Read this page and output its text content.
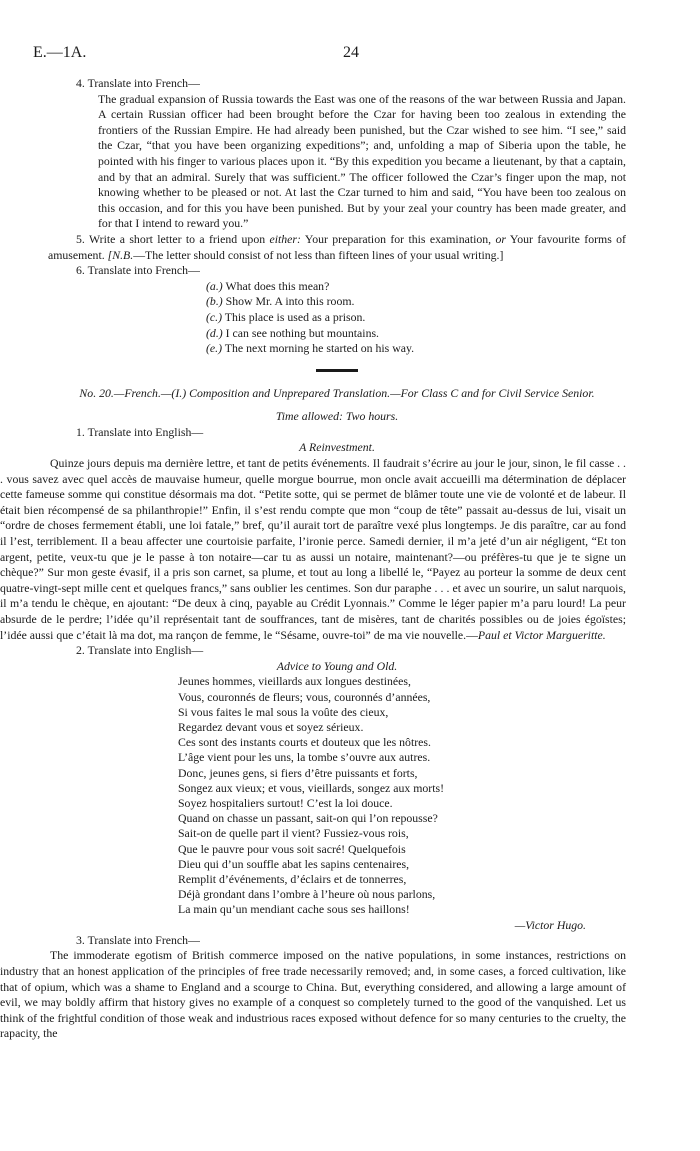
E.—1A.	24

4. Translate into French—

The gradual expansion of Russia towards the East was one of the reasons of the war between Russia and Japan. A certain Russian officer had been brought before the Czar for having been too zealous in extending the frontiers of the Russian Empire. He had already been punished, but the Czar wished to see him. “I see,” said the Czar, “that you have been organizing expeditions”; and, unfolding a map of Siberia upon the table, he pointed with his finger to various places upon it. “By this expedition you became a lieutenant, by that a captain, and by that an admiral. Surely that was sufficient.” The officer followed the Czar’s finger upon the map, not knowing whether to be pleased or not. At last the Czar turned to him and said, “You have been too zealous on this occasion, and for this you have been punished. But by your zeal your country has been made greater, and for that I intend to reward you.”

5. Write a short letter to a friend upon either: Your preparation for this examination, or Your favourite forms of amusement. [N.B.—The letter should consist of not less than fifteen lines of your usual writing.]

6. Translate into French—

(a.) What does this mean?
(b.) Show Mr. A into this room.
(c.) This place is used as a prison.
(d.) I can see nothing but mountains.
(e.) The next morning he started on his way.

No. 20.—French.—(I.) Composition and Unprepared Translation.—For Class C and for Civil Service Senior.

Time allowed: Two hours.

1. Translate into English—

A Reinvestment.

Quinze jours depuis ma dernière lettre, et tant de petits événements. Il faudrait s’écrire au jour le jour, sinon, le fil casse . . . vous savez avec quel accès de mauvaise humeur, quelle morgue bourrue, mon oncle avait accueilli ma détermination de déplacer cette fameuse somme qui constitue désormais ma dot. “Petite sotte, qui se permet de blâmer toute une vie de volonté et de labeur. Il était bien récompensé de sa philanthropie!” Enfin, il s’est rendu compte que mon “coup de tête” passait au-dessus de lui, visait un “ordre de choses fermement établi, une loi fatale,” bref, qu’il aurait tort de paraître vexé plus longtemps. Je dis paraître, car au fond il l’est, terriblement. Il a beau affecter une courtoisie parfaite, l’ironie perce. Samedi dernier, il m’a jeté d’un air négligent, “Et ton argent, petite, veux-tu que je le passe à ton notaire—car tu as aussi un notaire, maintenant?—ou préfères-tu que je te signe un chèque?” Sur mon geste évasif, il a pris son carnet, sa plume, et tout au long a libellé le, “Payez au porteur la somme de deux cent quatre-vingt-sept mille cent et quelques francs,” sans oublier les centimes. Son dur paraphe . . . et avec un sourire, un salut narquois, il m’a tendu le chèque, en ajoutant: “De deux à cinq, payable au Crédit Lyonnais.” Comme le léger papier m’a paru lourd! La peur absurde de le perdre; l’idée qu’il représentait tant de souffrances, tant de misères, tant de charités possibles ou de joies égoïstes; l’idée aussi que c’était là ma dot, ma rançon de femme, le “Sésame, ouvre-toi” de ma vie nouvelle.—Paul et Victor Margueritte.

2. Translate into English—

Advice to Young and Old.

Jeunes hommes, vieillards aux longues destinées,
Vous, couronnés de fleurs; vous, couronnés d’années,
Si vous faites le mal sous la voûte des cieux,
Regardez devant vous et soyez sérieux.
Ces sont des instants courts et douteux que les nôtres.
L’âge vient pour les uns, la tombe s’ouvre aux autres.
Donc, jeunes gens, si fiers d’être puissants et forts,
Songez aux vieux; et vous, vieillards, songez aux morts!
Soyez hospitaliers surtout! C’est la loi douce.
Quand on chasse un passant, sait-on qui l’on repousse?
Sait-on de quelle part il vient? Fussiez-vous rois,
Que le pauvre pour vous soit sacré! Quelquefois
Dieu qui d’un souffle abat les sapins centenaires,
Remplit d’événements, d’éclairs et de tonnerres,
Déjà grondant dans l’ombre à l’heure où nous parlons,
La main qu’un mendiant cache sous ses haillons!
—Victor Hugo.

3. Translate into French—

The immoderate egotism of British commerce imposed on the native populations, in some instances, restrictions on industry that an honest application of the principles of free trade necessarily removed; and, in some cases, a forced cultivation, like that of opium, which was a shame to England and a scourge to China. But, everything considered, and allowing a large amount of evil, we may boldly affirm that history gives no example of a conquest so completely turned to the good of the vanquished. Let us think of the frightful condition of those weak and industrious races exposed without defence for so many centuries to the cruelty, the rapacity, the
